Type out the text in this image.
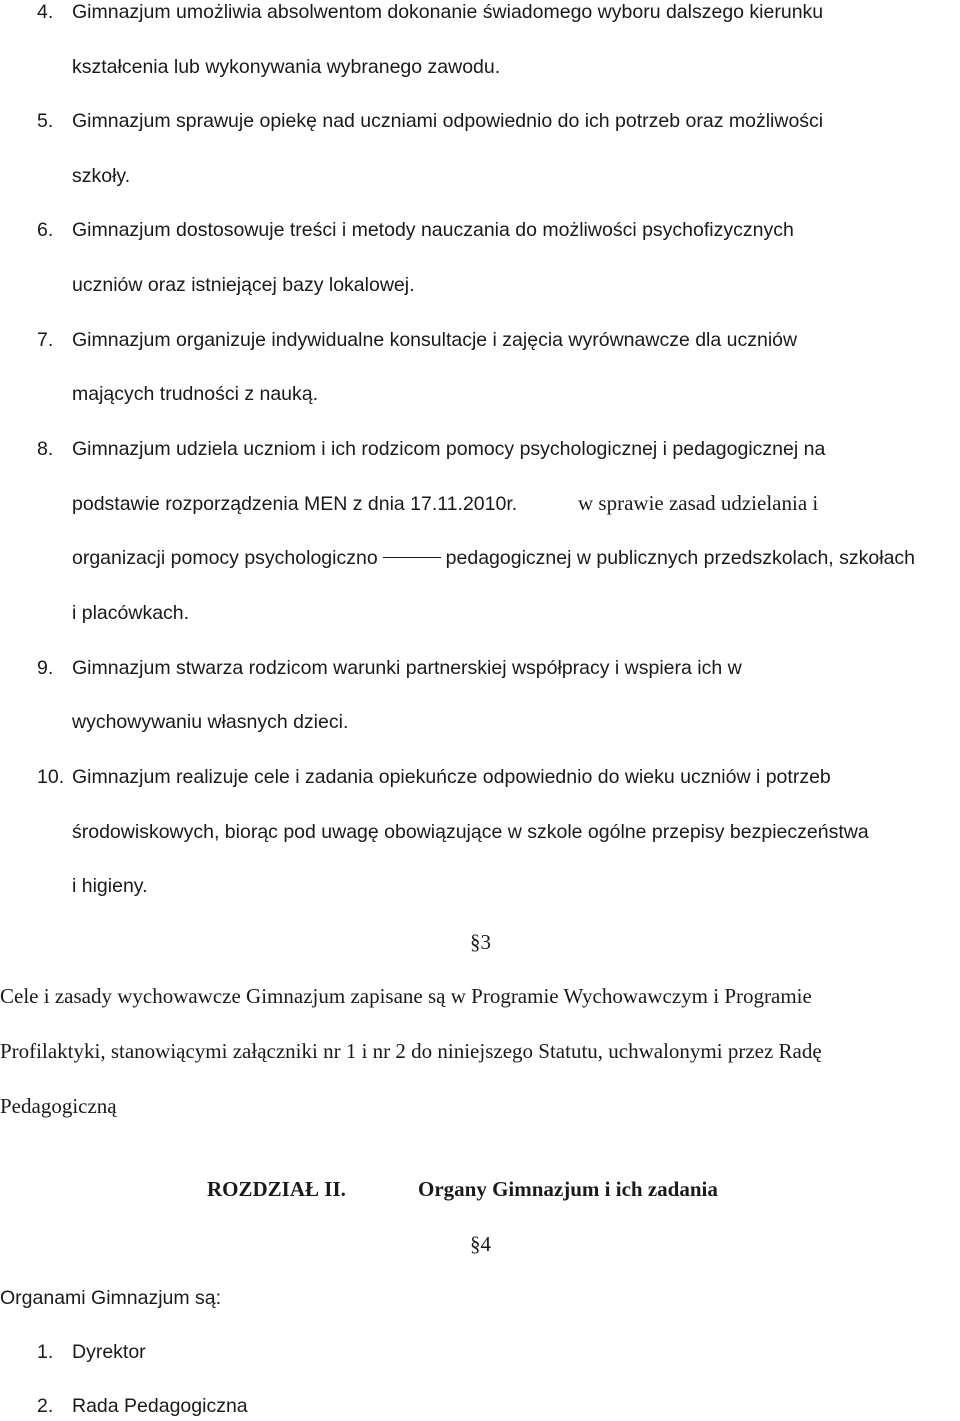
4. Gimnazjum umożliwia absolwentom dokonanie świadomego wyboru dalszego kierunku
kształcenia lub wykonywania wybranego zawodu.
5. Gimnazjum sprawuje opiekę nad uczniami odpowiednio do ich potrzeb oraz możliwości
szkoły.
6. Gimnazjum dostosowuje treści i metody nauczania do możliwości psychofizycznych
uczniów oraz istniejącej bazy lokalowej.
7. Gimnazjum organizuje indywidualne konsultacje i zajęcia wyrównawcze dla uczniów
mających trudności z nauką.
8. Gimnazjum udziela uczniom i ich rodzicom pomocy psychologicznej i pedagogicznej na
podstawie rozporządzenia MEN z dnia 17.11.2010r.	w sprawie zasad udzielania i
organizacji pomocy psychologiczno	pedagogicznej w publicznych przedszkolach, szkołach
i placówkach.
9. Gimnazjum stwarza rodzicom warunki partnerskiej współpracy i wspiera ich w
wychowywaniu własnych dzieci.
10. Gimnazjum realizuje cele i zadania opiekuńcze odpowiednio do wieku uczniów i potrzeb
środowiskowych, biorąc pod uwagę obowiązujące w szkole ogólne przepisy bezpieczeństwa
i higieny.
§3
Cele i zasady wychowawcze Gimnazjum zapisane są w Programie Wychowawczym i Programie
Profilaktyki, stanowiącymi załączniki nr 1 i nr 2 do niniejszego Statutu, uchwalonymi przez Radę
Pedagogiczną
ROZDZIAŁ II.	Organy Gimnazjum i ich zadania
§4
Organami Gimnazjum są:
1. Dyrektor
2. Rada Pedagogiczna
